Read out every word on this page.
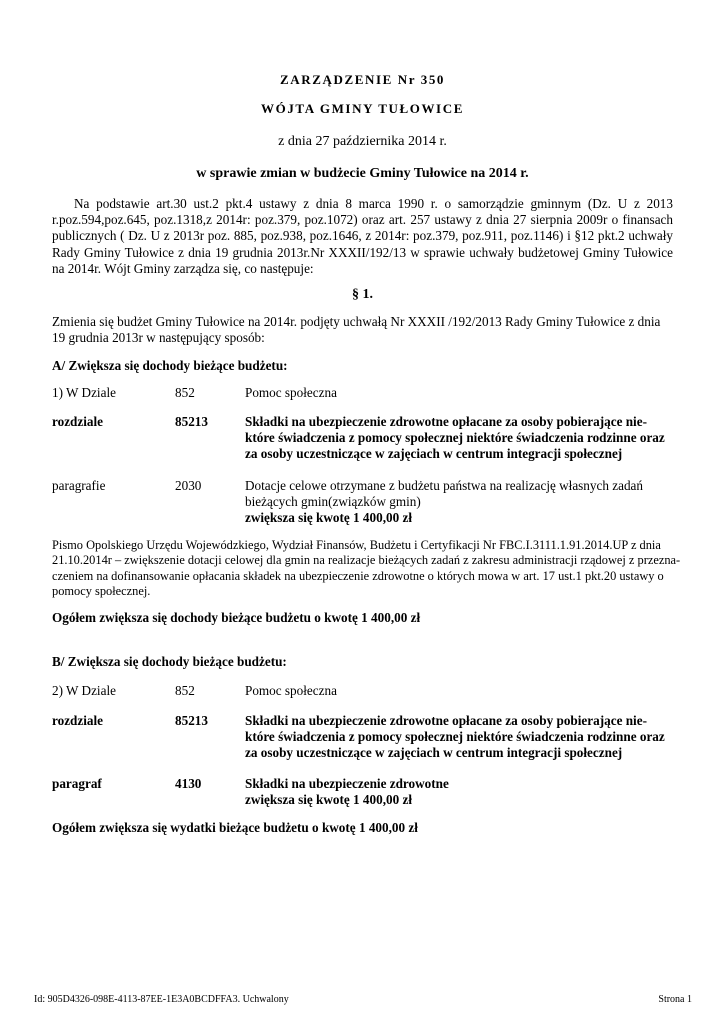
ZARZĄDZENIE Nr 350
WÓJTA GMINY TUŁOWICE
z dnia 27 października 2014 r.
w sprawie zmian w budżecie Gminy Tułowice na 2014 r.
Na podstawie art.30 ust.2 pkt.4 ustawy z dnia 8 marca 1990 r. o samorządzie gminnym (Dz. U z 2013
r.poz.594,poz.645, poz.1318,z 2014r: poz.379, poz.1072) oraz art. 257 ustawy z dnia 27 sierpnia 2009r o finansach
publicznych ( Dz. U z 2013r poz. 885, poz.938, poz.1646, z 2014r: poz.379, poz.911, poz.1146) i §12 pkt.2 uchwały
Rady Gminy Tułowice z dnia 19 grudnia 2013r.Nr XXXII/192/13 w sprawie uchwały budżetowej Gminy Tułowice
na 2014r. Wójt Gminy zarządza się, co następuje:
§ 1.
Zmienia się budżet Gminy Tułowice na 2014r. podjęty uchwałą Nr XXXII /192/2013 Rady Gminy Tułowice z dnia
19 grudnia 2013r w następujący sposób:
A/ Zwiększa się dochody bieżące budżetu:
1) W Dziale	852	Pomoc społeczna
rozdziale	85213	Składki na ubezpieczenie zdrowotne opłacane za osoby pobierające nie-
które świadczenia z pomocy społecznej niektóre świadczenia rodzinne oraz
za osoby uczestniczące w zajęciach w centrum integracji społecznej
paragrafie	2030	Dotacje celowe otrzymane z budżetu państwa na realizację własnych zadań
bieżących gmin(związków gmin)
zwiększa się kwotę 1 400,00 zł
Pismo Opolskiego Urzędu Wojewódzkiego, Wydział Finansów, Budżetu i Certyfikacji Nr FBC.I.3111.1.91.2014.UP z dnia
21.10.2014r – zwiększenie dotacji celowej dla gmin na realizacje bieżących zadań z zakresu administracji rządowej z przezna-
czeniem na dofinansowanie opłacania składek na ubezpieczenie zdrowotne o których mowa w art. 17 ust.1 pkt.20 ustawy o
pomocy społecznej.
Ogółem zwiększa się dochody bieżące budżetu o kwotę 1 400,00 zł
B/ Zwiększa się dochody bieżące budżetu:
2) W Dziale	852	Pomoc społeczna
rozdziale	85213	Składki na ubezpieczenie zdrowotne opłacane za osoby pobierające nie-
które świadczenia z pomocy społecznej niektóre świadczenia rodzinne oraz
za osoby uczestniczące w zajęciach w centrum integracji społecznej
paragraf	4130	Składki na ubezpieczenie zdrowotne
zwiększa się kwotę 1 400,00 zł
Ogółem zwiększa się wydatki bieżące budżetu o kwotę 1 400,00 zł
Id: 905D4326-098E-4113-87EE-1E3A0BCDFFA3. Uchwalony	Strona 1
